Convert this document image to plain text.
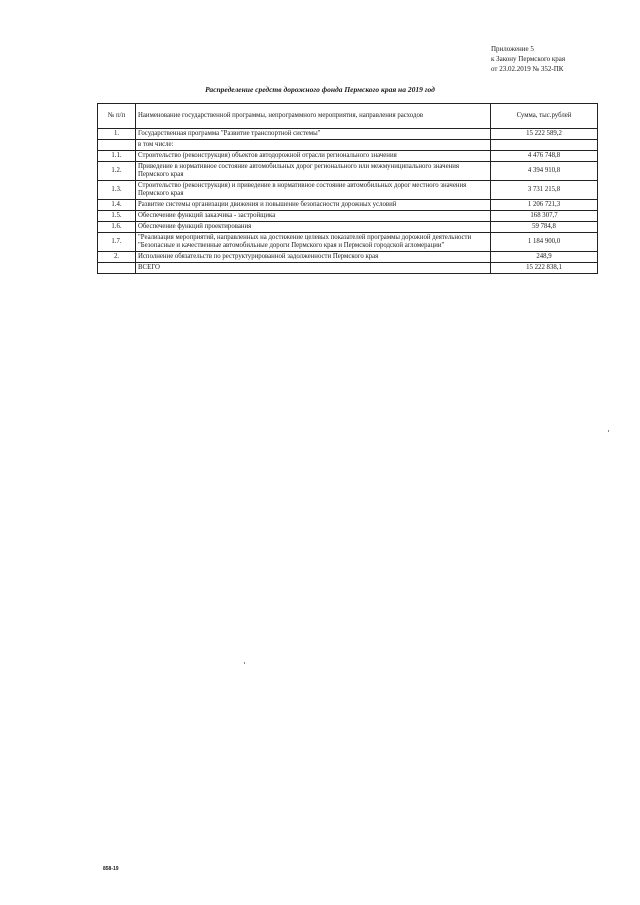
Приложение 5
к Закону Пермского края
от 23.02.2019 № 352-ПК
Распределение средств дорожного фонда Пермского края на 2019 год
№ п/п	Наименование государственной программы, непрограммного мероприятия, направления расходов	Сумма, тыс.рублей
1.	Государственная программа "Развитие транспортной системы"	15 222 589,2
	в том числе:	
1.1.	Строительство (реконструкция) объектов автодорожной отрасли регионального значения	4 476 748,8
1.2.	Приведение в нормативное состояние автомобильных дорог регионального или межмуниципального значения Пермского края	4 394 910,8
1.3.	Строительство (реконструкция) и приведение в нормативное состояние автомобильных дорог местного значения Пермского края	3 731 215,8
1.4.	Развитие системы организации движения и повышение безопасности дорожных условий	1 206 721,3
1.5.	Обеспечение функций заказчика - застройщика	168 307,7
1.6.	Обеспечение функций проектирования	59 784,8
1.7.	"Реализация мероприятий, направленных на достижение целевых показателей программы дорожной деятельности "Безопасные и качественные автомобильные дороги Пермского края и Пермской городской агломерации"	1 184 900,0
2.	Исполнение обязательств по реструктурированной задолженности Пермского края	248,9
	ВСЕГО	15 222 838,1
858-19
